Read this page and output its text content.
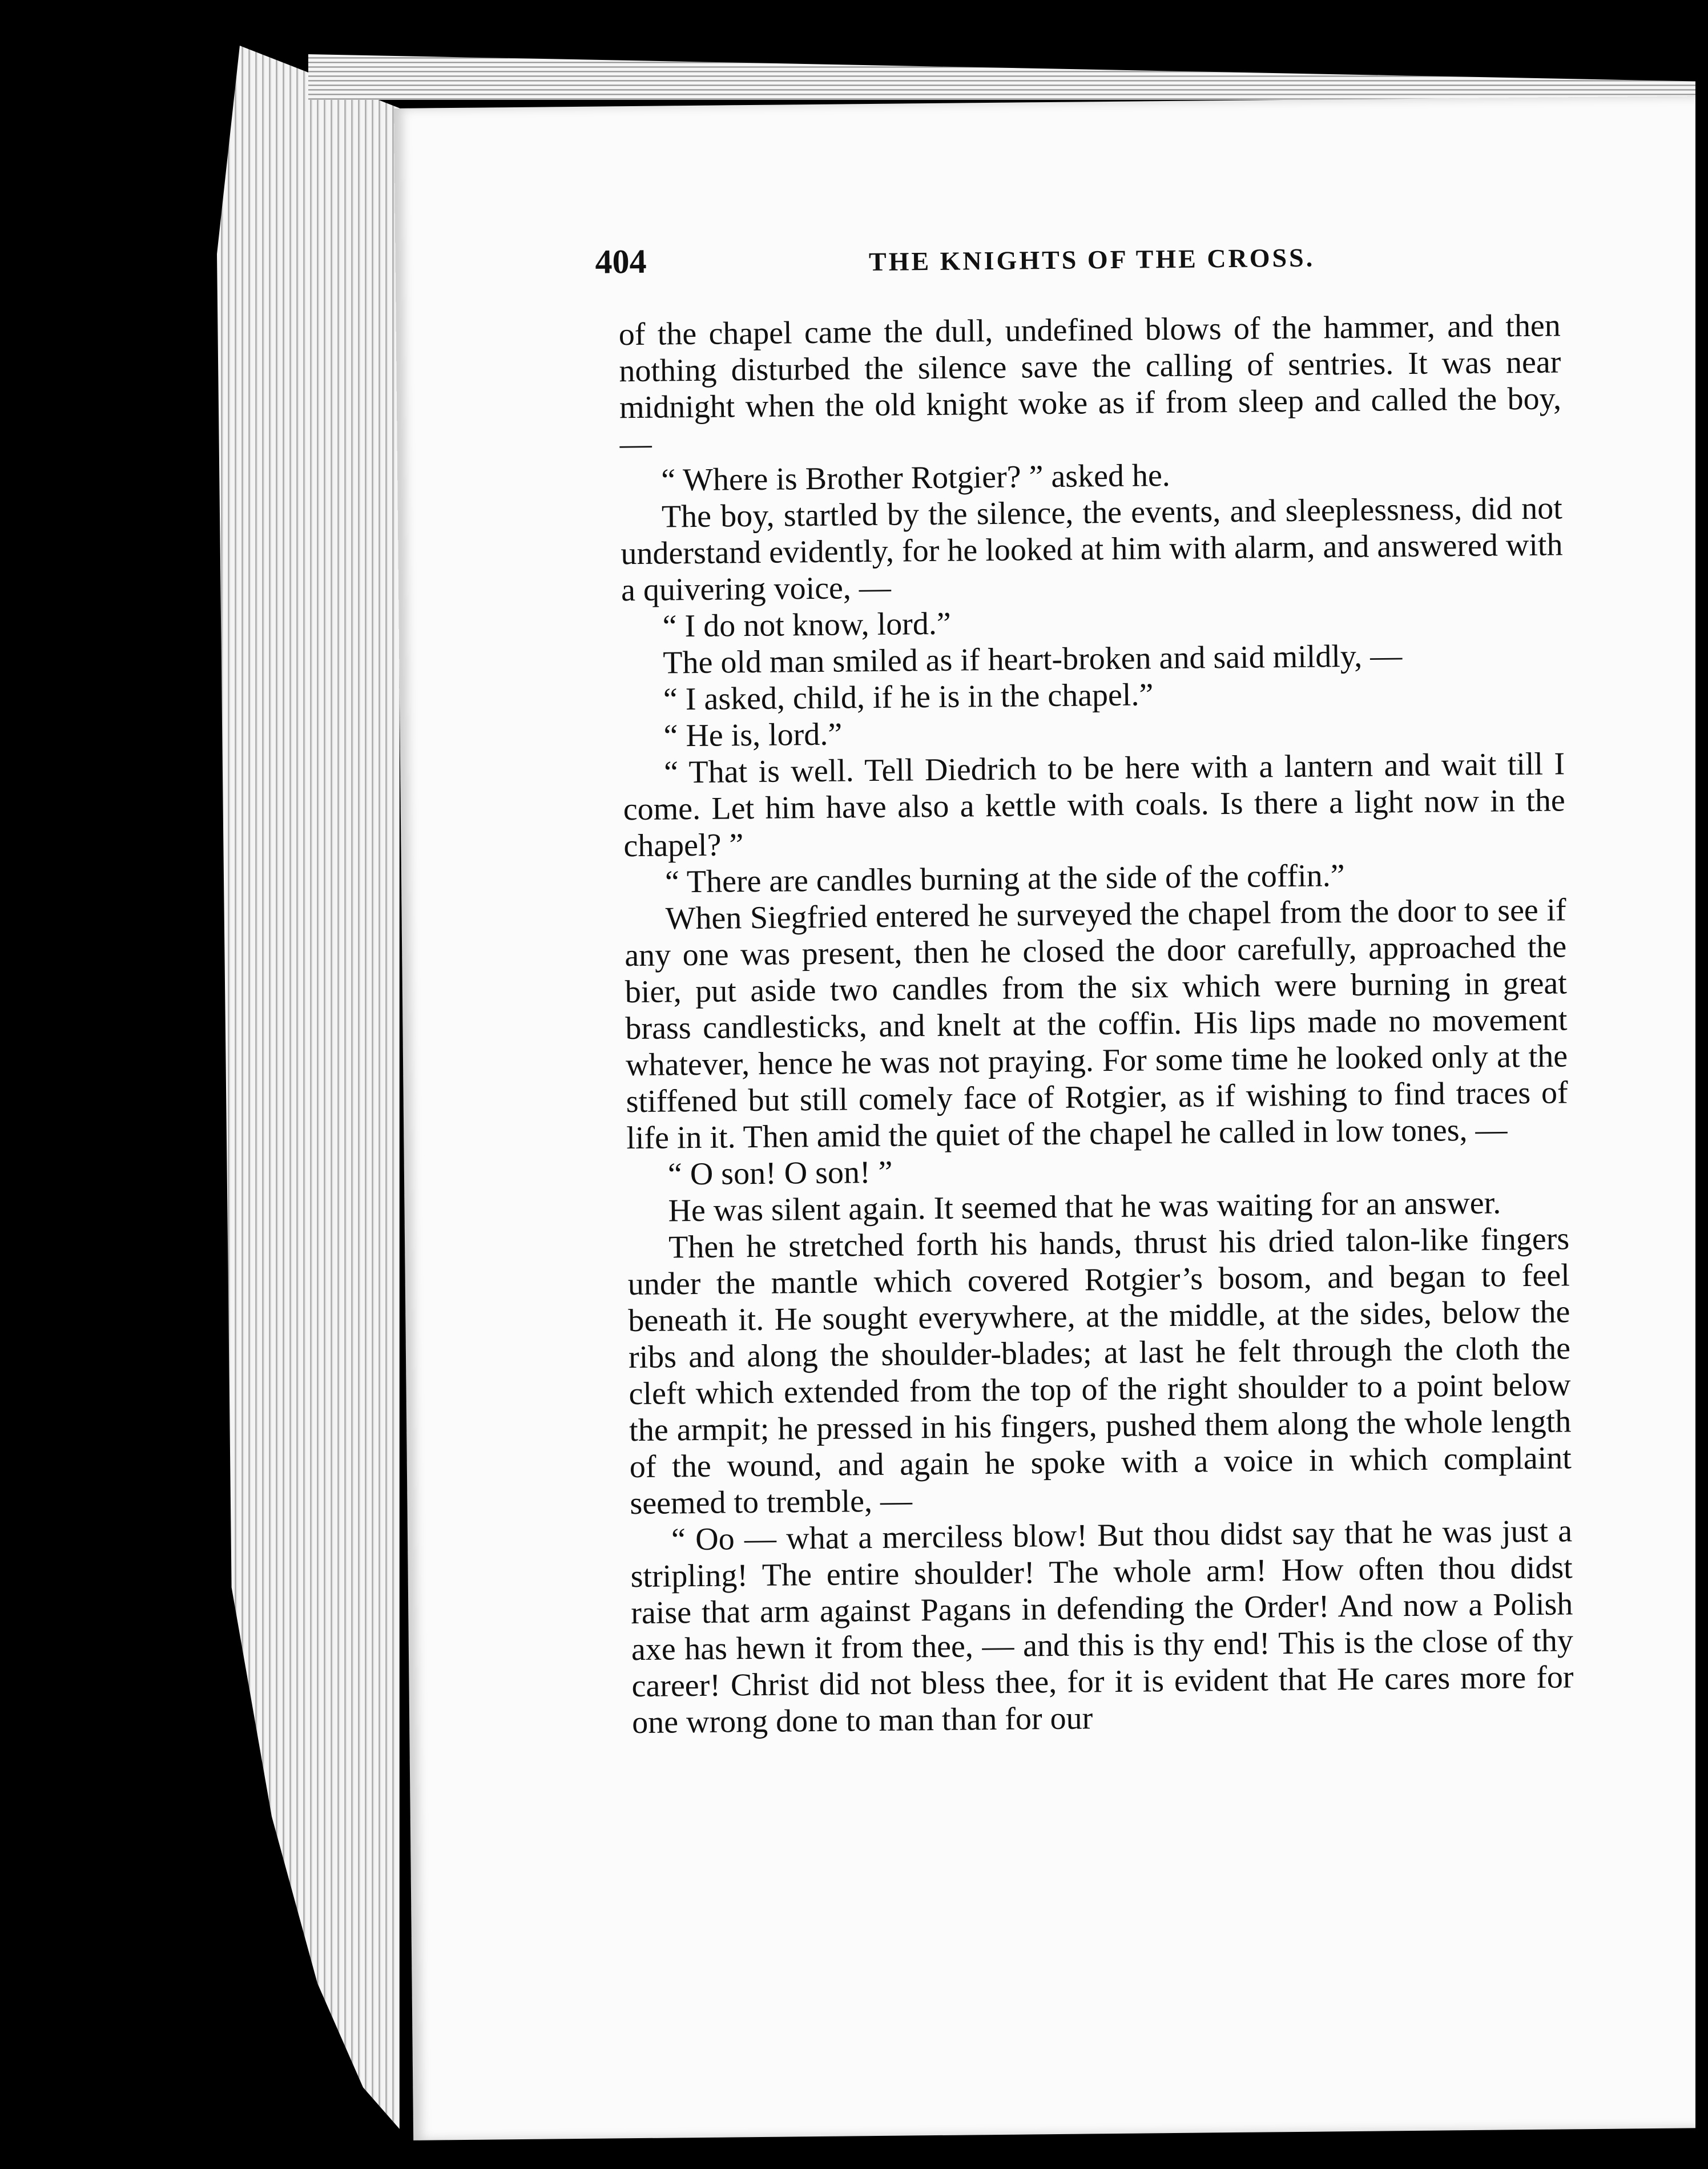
404	THE KNIGHTS OF THE CROSS.

of the chapel came the dull, undefined blows of the hammer, and then nothing disturbed the silence save the calling of sentries. It was near midnight when the old knight woke as if from sleep and called the boy, —

“ Where is Brother Rotgier? ” asked he.

The boy, startled by the silence, the events, and sleeplessness, did not understand evidently, for he looked at him with alarm, and answered with a quivering voice, —

“ I do not know, lord.”

The old man smiled as if heart-broken and said mildly, —

“ I asked, child, if he is in the chapel.”

“ He is, lord.”

“ That is well. Tell Diedrich to be here with a lantern and wait till I come. Let him have also a kettle with coals. Is there a light now in the chapel? ”

“ There are candles burning at the side of the coffin.”

When Siegfried entered he surveyed the chapel from the door to see if any one was present, then he closed the door carefully, approached the bier, put aside two candles from the six which were burning in great brass candlesticks, and knelt at the coffin. His lips made no movement whatever, hence he was not praying. For some time he looked only at the stiffened but still comely face of Rotgier, as if wishing to find traces of life in it. Then amid the quiet of the chapel he called in low tones, —

“ O son! O son! ”

He was silent again. It seemed that he was waiting for an answer.

Then he stretched forth his hands, thrust his dried talon-like fingers under the mantle which covered Rotgier’s bosom, and began to feel beneath it. He sought everywhere, at the middle, at the sides, below the ribs and along the shoulder-blades; at last he felt through the cloth the cleft which extended from the top of the right shoulder to a point below the armpit; he pressed in his fingers, pushed them along the whole length of the wound, and again he spoke with a voice in which complaint seemed to tremble, —

“ Oo — what a merciless blow! But thou didst say that he was just a stripling! The entire shoulder! The whole arm! How often thou didst raise that arm against Pagans in defending the Order! And now a Polish axe has hewn it from thee, — and this is thy end! This is the close of thy career! Christ did not bless thee, for it is evident that He cares more for one wrong done to man than for our
